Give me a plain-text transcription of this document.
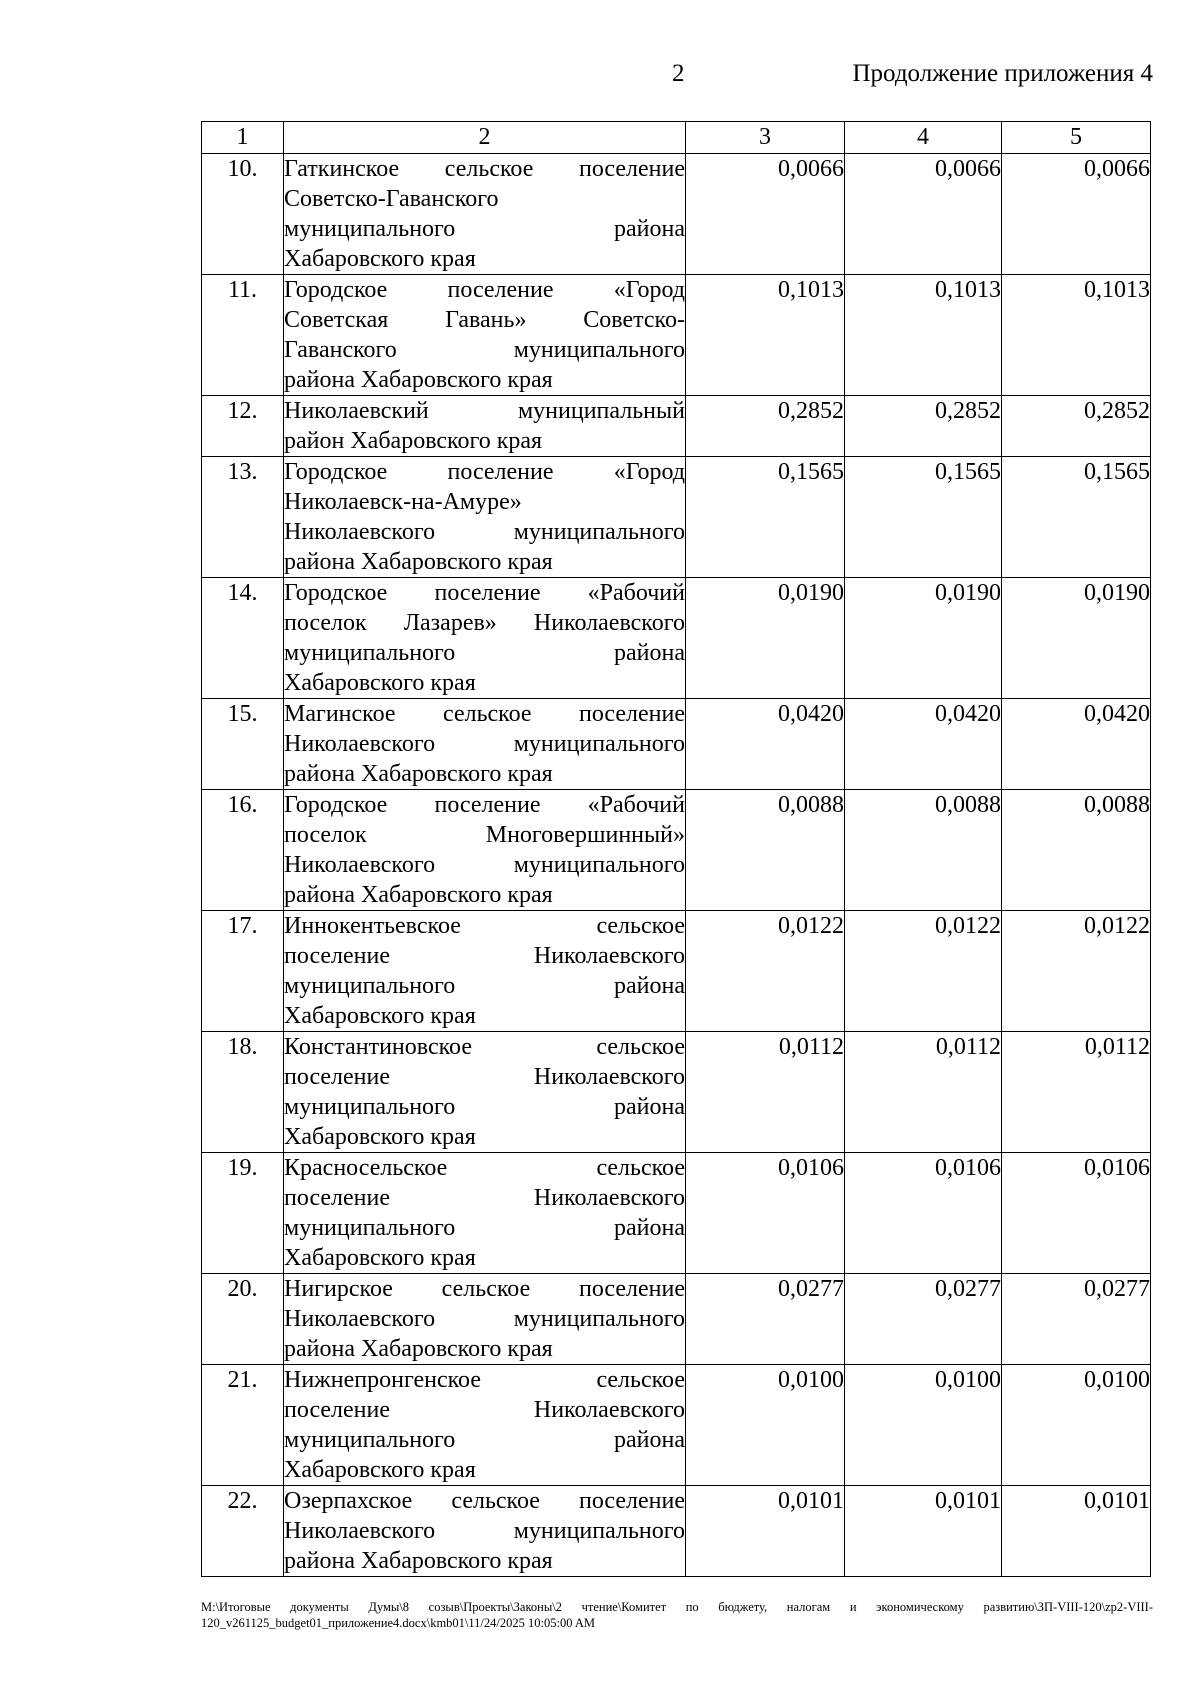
2	Продолжение приложения 4
1	2	3	4	5
10.	Гаткинское сельское поселение
Советско-Гаванского
муниципального района
Хабаровского края	0,0066	0,0066	0,0066
11.	Городское поселение «Город
Советская Гавань» Советско-
Гаванского муниципального
района Хабаровского края	0,1013	0,1013	0,1013
12.	Николаевский муниципальный
район Хабаровского края	0,2852	0,2852	0,2852
13.	Городское поселение «Город
Николаевск-на-Амуре»
Николаевского муниципального
района Хабаровского края	0,1565	0,1565	0,1565
14.	Городское поселение «Рабочий
поселок Лазарев» Николаевского
муниципального района
Хабаровского края	0,0190	0,0190	0,0190
15.	Магинское сельское поселение
Николаевского муниципального
района Хабаровского края	0,0420	0,0420	0,0420
16.	Городское поселение «Рабочий
поселок Многовершинный»
Николаевского муниципального
района Хабаровского края	0,0088	0,0088	0,0088
17.	Иннокентьевское сельское
поселение Николаевского
муниципального района
Хабаровского края	0,0122	0,0122	0,0122
18.	Константиновское сельское
поселение Николаевского
муниципального района
Хабаровского края	0,0112	0,0112	0,0112
19.	Красносельское сельское
поселение Николаевского
муниципального района
Хабаровского края	0,0106	0,0106	0,0106
20.	Нигирское сельское поселение
Николаевского муниципального
района Хабаровского края	0,0277	0,0277	0,0277
21.	Нижнепронгенское сельское
поселение Николаевского
муниципального района
Хабаровского края	0,0100	0,0100	0,0100
22.	Озерпахское сельское поселение
Николаевского муниципального
района Хабаровского края	0,0101	0,0101	0,0101
M:\Итоговые документы Думы\8 созыв\Проекты\Законы\2 чтение\Комитет по бюджету, налогам и экономическому развитию\ЗП-VIII-120\zp2-VIII-
120_v261125_budget01_приложение4.docx\kmb01\11/24/2025 10:05:00 AM
